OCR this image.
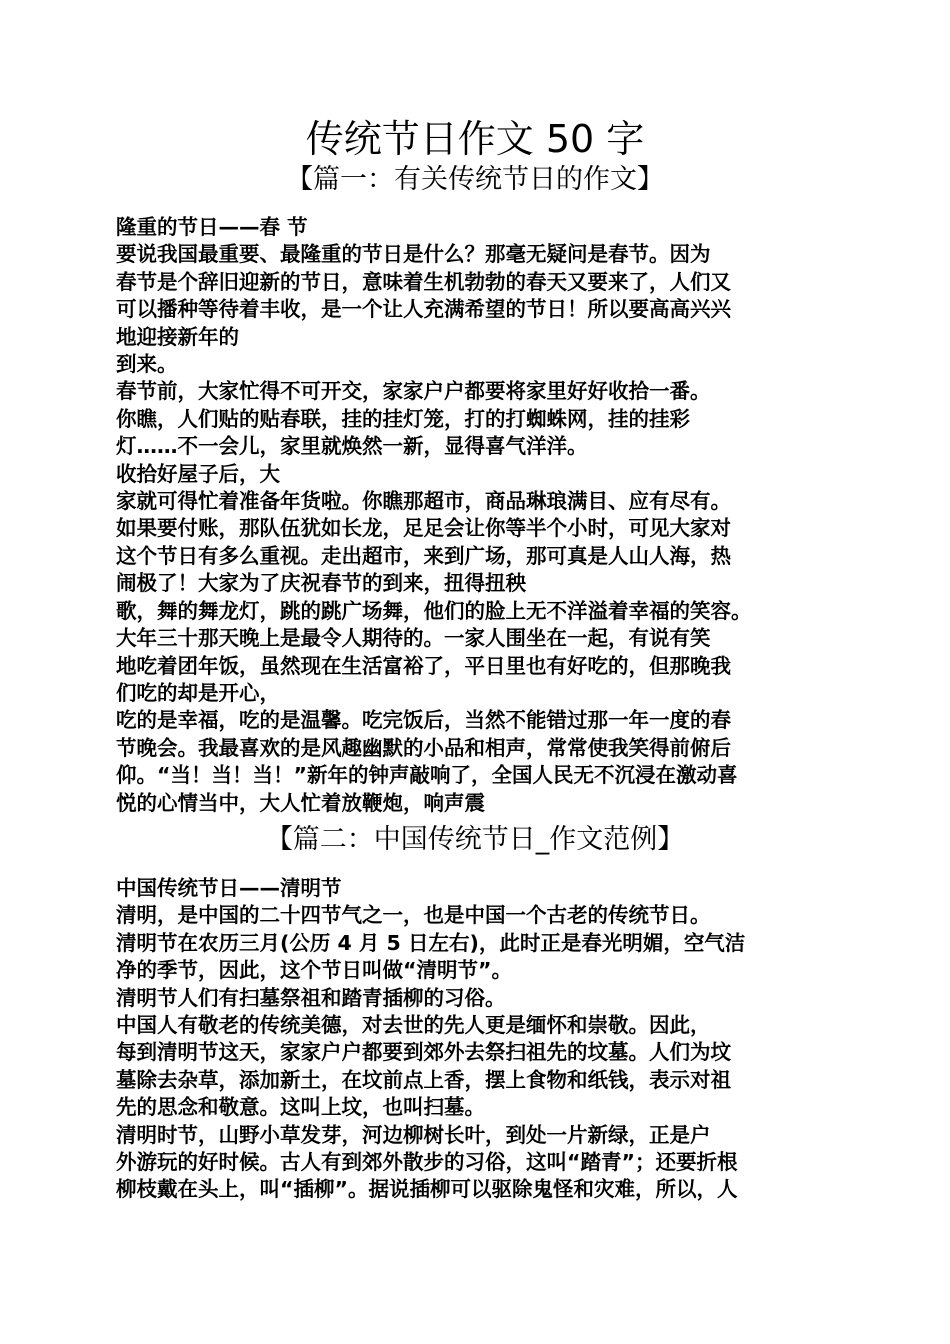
传统节日作文 50 字
【篇一：有关传统节日的作文】
隆重的节日——春 节
要说我国最重要、最隆重的节日是什么？那毫无疑问是春节。因为
春节是个辞旧迎新的节日，意味着生机勃勃的春天又要来了，人们又
可以播种等待着丰收，是一个让人充满希望的节日！所以要高高兴兴
地迎接新年的
到来。
春节前，大家忙得不可开交，家家户户都要将家里好好收拾一番。
你瞧，人们贴的贴春联，挂的挂灯笼，打的打蜘蛛网，挂的挂彩
灯……不一会儿，家里就焕然一新，显得喜气洋洋。
收拾好屋子后，大
家就可得忙着准备年货啦。你瞧那超市，商品琳琅满目、应有尽有。
如果要付账，那队伍犹如长龙，足足会让你等半个小时，可见大家对
这个节日有多么重视。走出超市，来到广场，那可真是人山人海，热
闹极了！大家为了庆祝春节的到来，扭得扭秧
歌，舞的舞龙灯，跳的跳广场舞，他们的脸上无不洋溢着幸福的笑容。
大年三十那天晚上是最令人期待的。一家人围坐在一起，有说有笑
地吃着团年饭，虽然现在生活富裕了，平日里也有好吃的，但那晚我
们吃的却是开心，
吃的是幸福，吃的是温馨。吃完饭后，当然不能错过那一年一度的春
节晚会。我最喜欢的是风趣幽默的小品和相声，常常使我笑得前俯后
仰。“当！当！当！”新年的钟声敲响了，全国人民无不沉浸在激动喜
悦的心情当中，大人忙着放鞭炮，响声震
【篇二：中国传统节日_作文范例】
中国传统节日——清明节
清明，是中国的二十四节气之一，也是中国一个古老的传统节日。
清明节在农历三月(公历 4 月 5 日左右)，此时正是春光明媚，空气洁
净的季节，因此，这个节日叫做“清明节”。
清明节人们有扫墓祭祖和踏青插柳的习俗。
中国人有敬老的传统美德，对去世的先人更是缅怀和崇敬。因此，
每到清明节这天，家家户户都要到郊外去祭扫祖先的坟墓。人们为坟
墓除去杂草，添加新土，在坟前点上香，摆上食物和纸钱，表示对祖
先的思念和敬意。这叫上坟，也叫扫墓。
清明时节，山野小草发芽，河边柳树长叶，到处一片新绿，正是户
外游玩的好时候。古人有到郊外散步的习俗，这叫“踏青”；还要折根
柳枝戴在头上，叫“插柳”。据说插柳可以驱除鬼怪和灾难，所以，人
